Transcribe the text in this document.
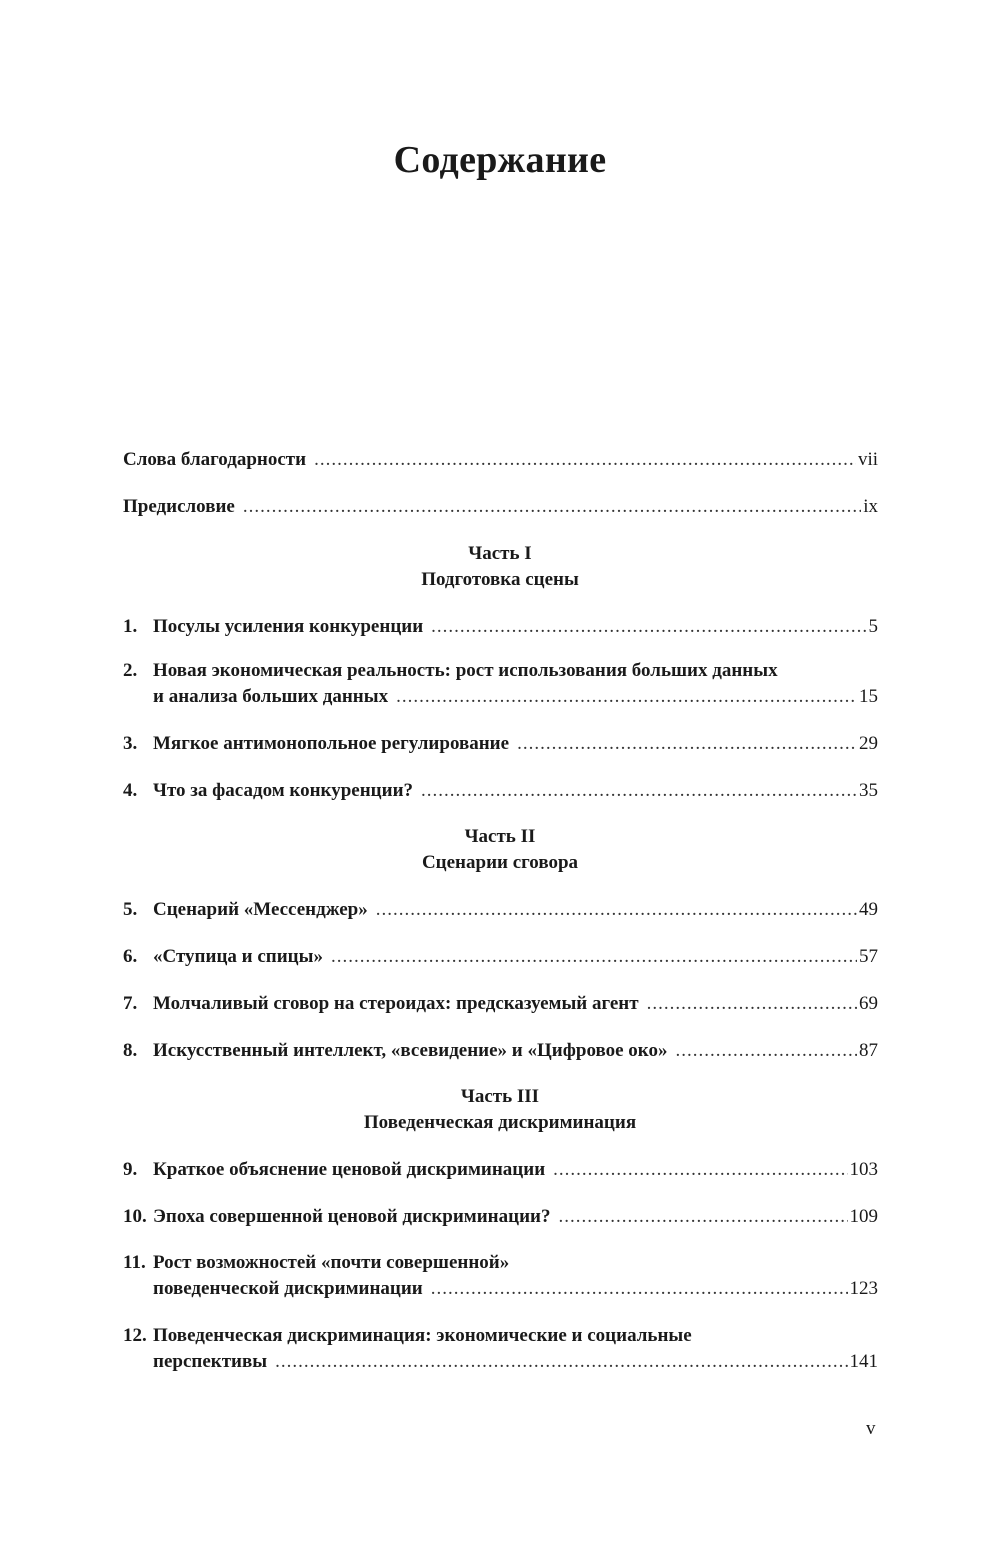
Содержание
Слова благодарности .....	vii
Предисловие .....	ix
Часть I
Подготовка сцены
1. Посулы усиления конкуренции .....	5
2. Новая экономическая реальность: рост использования больших данных
и анализа больших данных .....	15
3. Мягкое антимонопольное регулирование .....	29
4. Что за фасадом конкуренции? .....	35
Часть II
Сценарии сговора
5. Сценарий «Мессенджер» .....	49
6. «Ступица и спицы» .....	57
7. Молчаливый сговор на стероидах: предсказуемый агент .....	69
8. Искусственный интеллект, «всевидение» и «Цифровое око» .....	87
Часть III
Поведенческая дискриминация
9. Краткое объяснение ценовой дискриминации .....	103
10. Эпоха совершенной ценовой дискриминации? .....	109
11. Рост возможностей «почти совершенной»
поведенческой дискриминации .....	123
12. Поведенческая дискриминация: экономические и социальные
перспективы .....	141
v
